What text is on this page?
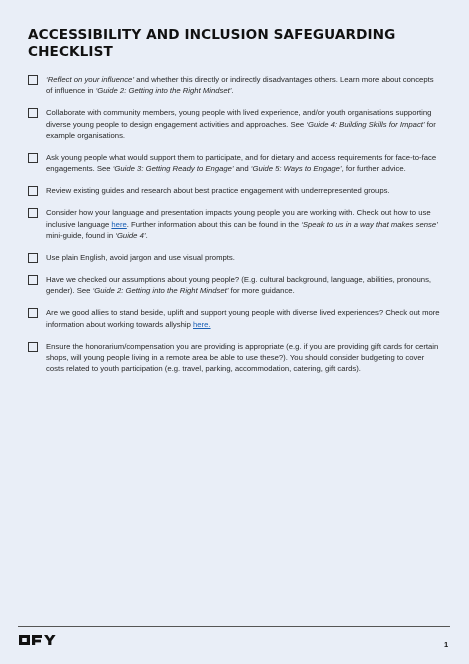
ACCESSIBILITY AND INCLUSION SAFEGUARDING CHECKLIST
‘Reflect on your influence’ and whether this directly or indirectly disadvantages others. Learn more about concepts of influence in ‘Guide 2: Getting into the Right Mindset’.
Collaborate with community members, young people with lived experience, and/or youth organisations supporting diverse young people to design engagement activities and approaches. See ‘Guide 4: Building Skills for Impact’ for example organisations.
Ask young people what would support them to participate, and for dietary and access requirements for face-to-face engagements. See ‘Guide 3: Getting Ready to Engage’ and ‘Guide 5: Ways to Engage’, for further advice.
Review existing guides and research about best practice engagement with underrepresented groups.
Consider how your language and presentation impacts young people you are working with. Check out how to use inclusive language here. Further information about this can be found in the ‘Speak to us in a way that makes sense’ mini-guide, found in ‘Guide 4’.
Use plain English, avoid jargon and use visual prompts.
Have we checked our assumptions about young people? (E.g. cultural background, language, abilities, pronouns, gender). See ‘Guide 2: Getting into the Right Mindset’ for more guidance.
Are we good allies to stand beside, uplift and support young people with diverse lived experiences? Check out more information about working towards allyship here.
Ensure the honorarium/compensation you are providing is appropriate (e.g. if you are providing gift cards for certain shops, will young people living in a remote area be able to use these?). You should consider budgeting to cover costs related to youth participation (e.g. travel, parking, accommodation, catering, gift cards).
1
